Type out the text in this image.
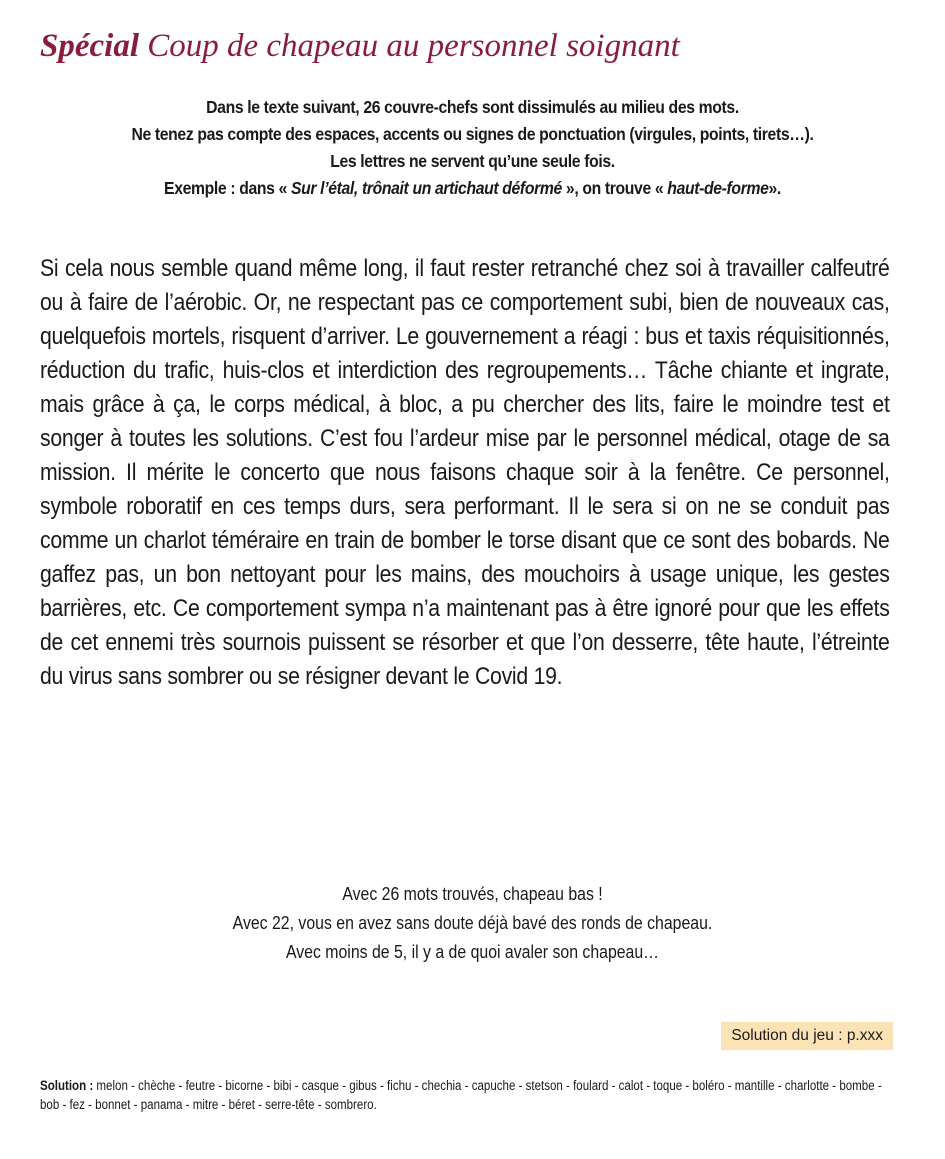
Spécial Coup de chapeau au personnel soignant
Dans le texte suivant, 26 couvre-chefs sont dissimulés au milieu des mots.
Ne tenez pas compte des espaces, accents ou signes de ponctuation (virgules, points, tirets…).
Les lettres ne servent qu’une seule fois.
Exemple : dans « Sur l’étal, trônait un artichaut déformé », on trouve « haut-de-forme».
Si cela nous semble quand même long, il faut rester retranché chez soi à travailler calfeutré ou à faire de l’aérobic. Or, ne respectant pas ce comportement subi, bien de nouveaux cas, quelquefois mortels, risquent d’arriver. Le gouvernement a réagi : bus et taxis réquisitionnés, réduction du trafic, huis-clos et interdiction des regroupements… Tâche chiante et ingrate, mais grâce à ça, le corps médical, à bloc, a pu chercher des lits, faire le moindre test et songer à toutes les solutions. C’est fou l’ardeur mise par le personnel médical, otage de sa mission. Il mérite le concerto que nous faisons chaque soir à la fenêtre. Ce personnel, symbole roboratif en ces temps durs, sera performant. Il le sera si on ne se conduit pas comme un charlot téméraire en train de bomber le torse disant que ce sont des bobards. Ne gaffez pas, un bon nettoyant pour les mains, des mouchoirs à usage unique, les gestes barrières, etc. Ce comportement sympa n’a maintenant pas à être ignoré pour que les effets de cet ennemi très sournois puissent se résorber et que l’on desserre, tête haute, l’étreinte du virus sans sombrer ou se résigner devant le Covid 19.
Avec 26 mots trouvés, chapeau bas !
Avec 22, vous en avez sans doute déjà bavé des ronds de chapeau.
Avec moins de 5, il y a de quoi avaler son chapeau…
Solution du jeu : p.xxx
Solution : melon - chèche - feutre - bicorne - bibi - casque - gibus - fichu - chechia - capuche - stetson - foulard - calot - toque - boléro - mantille - charlotte - bombe - bob - fez - bonnet - panama - mitre - béret - serre-tête - sombrero.
